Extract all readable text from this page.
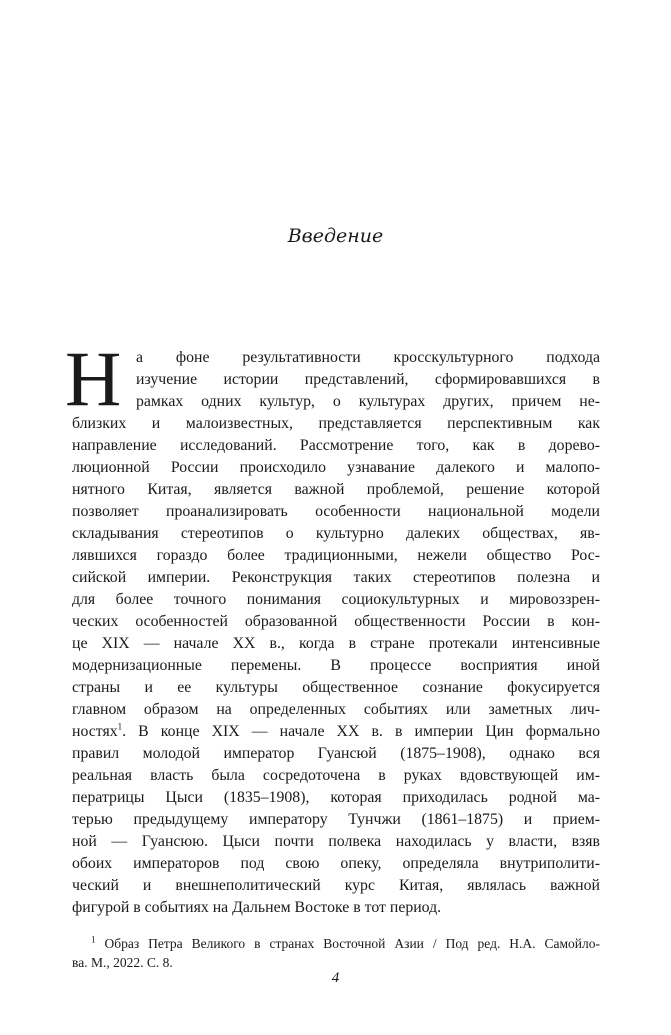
Введение
Н а фоне результативности кросскультурного подхода
изучение истории представлений, сформировавшихся в
рамках одних культур, о культурах других, причем не-
близких и малоизвестных, представляется перспективным как
направление исследований. Рассмотрение того, как в дорево-
люционной России происходило узнавание далекого и малопо-
нятного Китая, является важной проблемой, решение которой
позволяет проанализировать особенности национальной модели
складывания стереотипов о культурно далеких обществах, яв-
лявшихся гораздо более традиционными, нежели общество Рос-
сийской империи. Реконструкция таких стереотипов полезна и
для более точного понимания социокультурных и мировоззрен-
ческих особенностей образованной общественности России в кон-
це XIX — начале XX в., когда в стране протекали интенсивные
модернизационные перемены. В процессе восприятия иной
страны и ее культуры общественное сознание фокусируется
главном образом на определенных событиях или заметных лич-
ностях$^1$. В конце XIX — начале XX в. в империи Цин формально
правил молодой император Гуансюй (1875–1908), однако вся
реальная власть была сосредоточена в руках вдовствующей им-
ператрицы Цыси (1835–1908), которая приходилась родной ма-
терью предыдущему императору Тунчжи (1861–1875) и прием-
ной — Гуансюю. Цыси почти полвека находилась у власти, взяв
обоих императоров под свою опеку, определяла внутриполити-
ческий и внешнеполитический курс Китая, являлась важной
фигурой в событиях на Дальнем Востоке в тот период.
$^1$ Образ Петра Великого в странах Восточной Азии / Под ред. Н.А. Самойло-
ва. М., 2022. С. 8.
4
